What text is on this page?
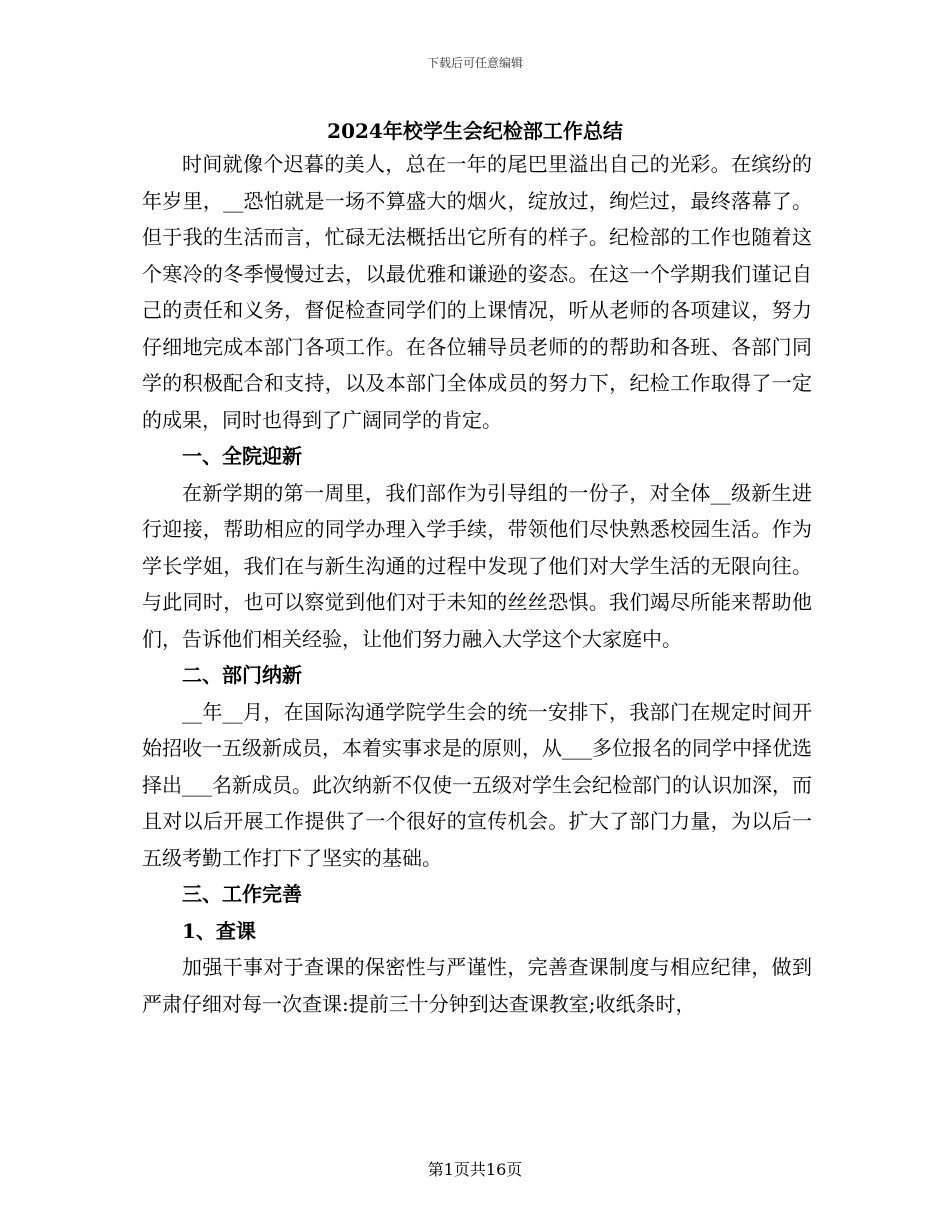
下载后可任意编辑
2024年校学生会纪检部工作总结

时间就像个迟暮的美人，总在一年的尾巴里溢出自己的光彩。在缤纷的年岁里，__恐怕就是一场不算盛大的烟火，绽放过，绚烂过，最终落幕了。但于我的生活而言，忙碌无法概括出它所有的样子。纪检部的工作也随着这个寒冷的冬季慢慢过去，以最优雅和谦逊的姿态。在这一个学期我们谨记自己的责任和义务，督促检查同学们的上课情况，听从老师的各项建议，努力仔细地完成本部门各项工作。在各位辅导员老师的的帮助和各班、各部门同学的积极配合和支持，以及本部门全体成员的努力下，纪检工作取得了一定的成果，同时也得到了广阔同学的肯定。

一、全院迎新

在新学期的第一周里，我们部作为引导组的一份子，对全体__级新生进行迎接，帮助相应的同学办理入学手续，带领他们尽快熟悉校园生活。作为学长学姐，我们在与新生沟通的过程中发现了他们对大学生活的无限向往。与此同时，也可以察觉到他们对于未知的丝丝恐惧。我们竭尽所能来帮助他们，告诉他们相关经验，让他们努力融入大学这个大家庭中。

二、部门纳新

__年__月，在国际沟通学院学生会的统一安排下，我部门在规定时间开始招收一五级新成员，本着实事求是的原则，从___多位报名的同学中择优选择出___名新成员。此次纳新不仅使一五级对学生会纪检部门的认识加深，而且对以后开展工作提供了一个很好的宣传机会。扩大了部门力量，为以后一五级考勤工作打下了坚实的基础。

三、工作完善
1、查课

加强干事对于查课的保密性与严谨性，完善查课制度与相应纪律，做到严肃仔细对每一次查课:提前三十分钟到达查课教室;收纸条时，

第1页共16页
